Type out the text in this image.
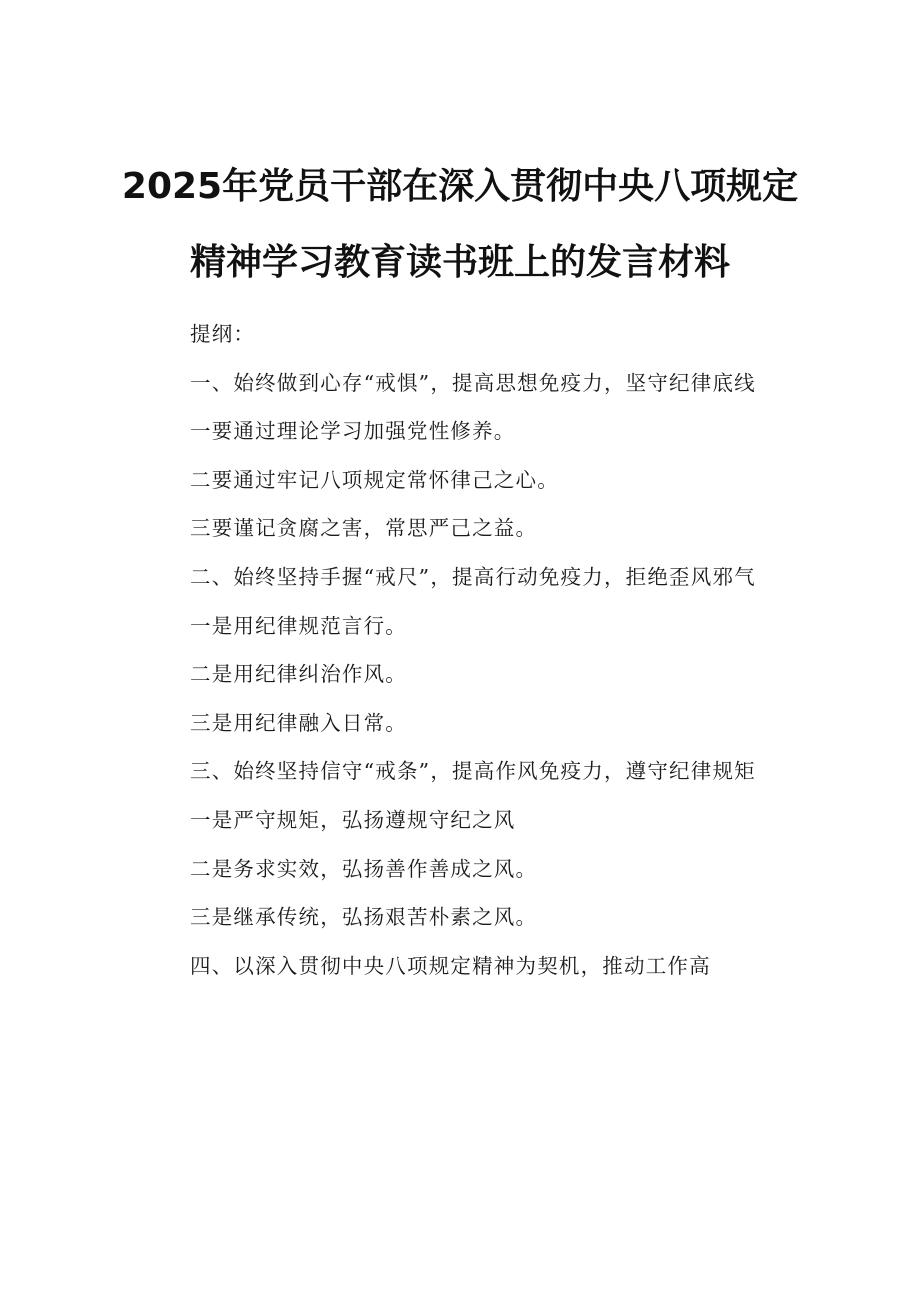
2025年党员干部在深入贯彻中央八项规定
精神学习教育读书班上的发言材料
提纲：
一、始终做到心存“戒惧”，提高思想免疫力，坚守纪律底线
一要通过理论学习加强党性修养。
二要通过牢记八项规定常怀律己之心。
三要谨记贪腐之害，常思严己之益。
二、始终坚持手握“戒尺”，提高行动免疫力，拒绝歪风邪气
一是用纪律规范言行。
二是用纪律纠治作风。
三是用纪律融入日常。
三、始终坚持信守“戒条”，提高作风免疫力，遵守纪律规矩
一是严守规矩，弘扬遵规守纪之风
二是务求实效，弘扬善作善成之风。
三是继承传统，弘扬艰苦朴素之风。
四、以深入贯彻中央八项规定精神为契机，推动工作高
